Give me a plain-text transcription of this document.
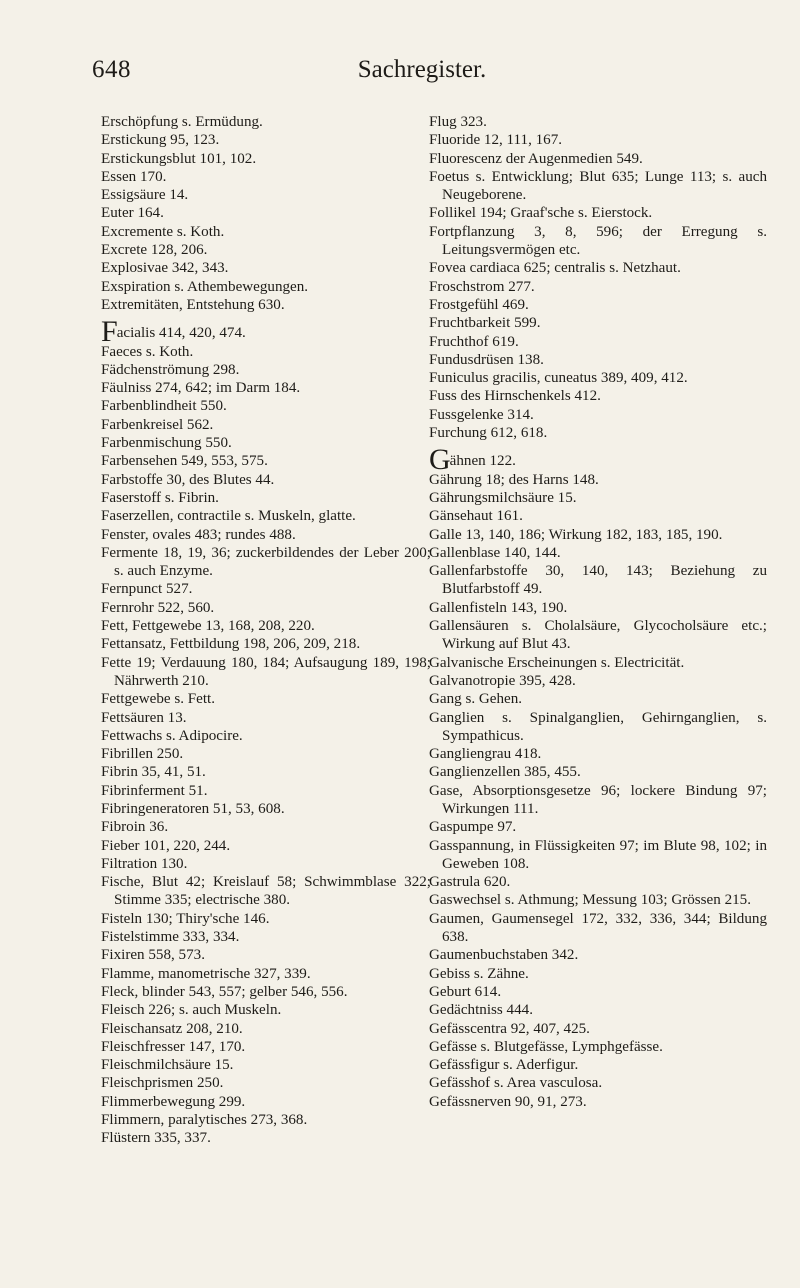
648	Sachregister.

Erschöpfung s. Ermüdung.

Erstickung 95, 123.

Erstickungsblut 101, 102.

Essen 170.

Essigsäure 14.

Euter 164.

Excremente s. Koth.

Excrete 128, 206.

Explosivae 342, 343.

Exspiration s. Athembewegungen.

Extremitäten, Entstehung 630.

Facialis 414, 420, 474.

Faeces s. Koth.

Fädchenströmung 298.

Fäulniss 274, 642; im Darm 184.

Farbenblindheit 550.

Farbenkreisel 562.

Farbenmischung 550.

Farbensehen 549, 553, 575.

Farbstoffe 30, des Blutes 44.

Faserstoff s. Fibrin.

Faserzellen, contractile s. Muskeln, glatte.

Fenster, ovales 483; rundes 488.

Fermente 18, 19, 36; zuckerbildendes der Leber 200; s. auch Enzyme.

Fernpunct 527.

Fernrohr 522, 560.

Fett, Fettgewebe 13, 168, 208, 220.

Fettansatz, Fettbildung 198, 206, 209, 218.

Fette 19; Verdauung 180, 184; Aufsaugung 189, 198; Nährwerth 210.

Fettgewebe s. Fett.

Fettsäuren 13.

Fettwachs s. Adipocire.

Fibrillen 250.

Fibrin 35, 41, 51.

Fibrinferment 51.

Fibringeneratoren 51, 53, 608.

Fibroin 36.

Fieber 101, 220, 244.

Filtration 130.

Fische, Blut 42; Kreislauf 58; Schwimmblase 322; Stimme 335; electrische 380.

Fisteln 130; Thiry'sche 146.

Fistelstimme 333, 334.

Fixiren 558, 573.

Flamme, manometrische 327, 339.

Fleck, blinder 543, 557; gelber 546, 556.

Fleisch 226; s. auch Muskeln.

Fleischansatz 208, 210.

Fleischfresser 147, 170.

Fleischmilchsäure 15.

Fleischprismen 250.

Flimmerbewegung 299.

Flimmern, paralytisches 273, 368.

Flüstern 335, 337.

Flug 323.

Fluoride 12, 111, 167.

Fluorescenz der Augenmedien 549.

Foetus s. Entwicklung; Blut 635; Lunge 113; s. auch Neugeborene.

Follikel 194; Graaf'sche s. Eierstock.

Fortpflanzung 3, 8, 596; der Erregung s. Leitungsvermögen etc.

Fovea cardiaca 625; centralis s. Netzhaut.

Froschstrom 277.

Frostgefühl 469.

Fruchtbarkeit 599.

Fruchthof 619.

Fundusdrüsen 138.

Funiculus gracilis, cuneatus 389, 409, 412.

Fuss des Hirnschenkels 412.

Fussgelenke 314.

Furchung 612, 618.

Gähnen 122.

Gährung 18; des Harns 148.

Gährungsmilchsäure 15.

Gänsehaut 161.

Galle 13, 140, 186; Wirkung 182, 183, 185, 190.

Gallenblase 140, 144.

Gallenfarbstoffe 30, 140, 143; Beziehung zu Blutfarbstoff 49.

Gallenfisteln 143, 190.

Gallensäuren s. Cholalsäure, Glycocholsäure etc.; Wirkung auf Blut 43.

Galvanische Erscheinungen s. Electricität.

Galvanotropie 395, 428.

Gang s. Gehen.

Ganglien s. Spinalganglien, Gehirnganglien, s. Sympathicus.

Gangliengrau 418.

Ganglienzellen 385, 455.

Gase, Absorptionsgesetze 96; lockere Bindung 97; Wirkungen 111.

Gaspumpe 97.

Gasspannung, in Flüssigkeiten 97; im Blute 98, 102; in Geweben 108.

Gastrula 620.

Gaswechsel s. Athmung; Messung 103; Grössen 215.

Gaumen, Gaumensegel 172, 332, 336, 344; Bildung 638.

Gaumenbuchstaben 342.

Gebiss s. Zähne.

Geburt 614.

Gedächtniss 444.

Gefässcentra 92, 407, 425.

Gefässe s. Blutgefässe, Lymphgefässe.

Gefässfigur s. Aderfigur.

Gefässhof s. Area vasculosa.

Gefässnerven 90, 91, 273.
